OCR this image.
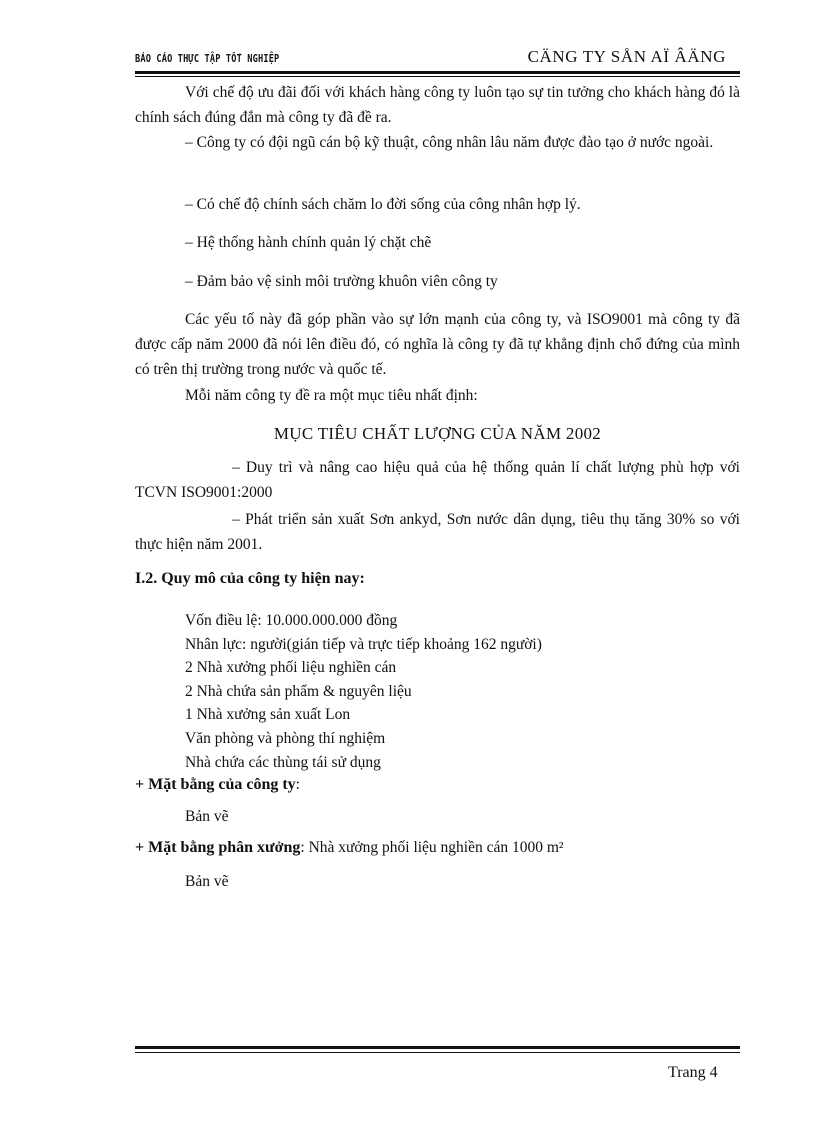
BÁO CÁO THỰC TẬP TỐT NGHIỆP	CÄNG TY SÅN AÏ ÂÄNG
Với chế độ ưu đãi đối với khách hàng công ty luôn tạo sự tin tưởng cho khách hàng đó là chính sách đúng đắn mà công ty đã đề ra.
– Công ty có đội ngũ cán bộ kỹ thuật, công nhân lâu năm được đào tạo ở nước ngoài.
– Có chế độ chính sách chăm lo đời sống của công nhân hợp lý.
– Hệ thống hành chính quản lý chặt chẽ
– Đảm bảo vệ sinh môi trường khuôn viên công ty
Các yếu tố này đã góp phần vào sự lớn mạnh của công ty, và ISO9001 mà công ty đã được cấp năm 2000 đã nói lên điều đó, có nghĩa là công ty đã tự khẳng định chổ đứng của mình có trên thị trường trong nước và quốc tế.
Mỗi năm công ty đề ra một mục tiêu nhất định:
MỤC TIÊU CHẤT LƯỢNG CỦA NĂM 2002
– Duy trì và nâng cao hiệu quả của hệ thống quản lí chất lượng phù hợp với TCVN ISO9001:2000
– Phát triển sản xuất Sơn ankyd, Sơn nước dân dụng, tiêu thụ tăng 30% so với thực hiện năm 2001.
I.2. Quy mô của công ty hiện nay:
Vốn điều lệ: 10.000.000.000 đồng
Nhân lực: người(gián tiếp và trực tiếp khoảng 162 người)
2 Nhà xưởng phối liệu nghiền cán
2 Nhà chứa sản phẩm & nguyên liệu
1 Nhà xưởng sản xuất Lon
Văn phòng và phòng thí nghiệm
Nhà chứa các thùng tái sử dụng
+ Mặt bằng của công ty:
Bản vẽ
+ Mặt bằng phân xưởng: Nhà xưởng phối liệu nghiền cán 1000 m²
Bản vẽ
Trang 4
